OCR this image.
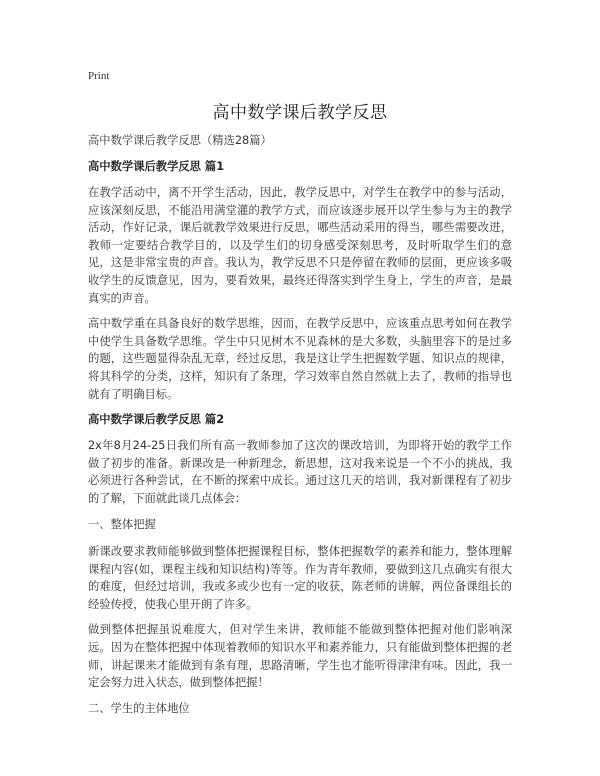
Print
高中数学课后教学反思

高中数学课后教学反思（精选28篇）

高中数学课后教学反思 篇1

在教学活动中，离不开学生活动，因此，教学反思中，对学生在教学中的参与活动，应该深刻反思，不能沿用满堂灌的教学方式，而应该逐步展开以学生参与为主的教学活动，作好记录，课后就教学效果进行反思，哪些活动采用的得当，哪些需要改进，教师一定要结合教学目的，以及学生们的切身感受深刻思考，及时听取学生们的意见，这是非常宝贵的声音。我认为，教学反思不只是停留在教师的层面，更应该多吸收学生的反馈意见，因为，要看效果，最终还得落实到学生身上，学生的声音，是最真实的声音。

高中数学重在具备良好的数学思维，因而，在教学反思中，应该重点思考如何在教学中使学生具备数学思维。学生中只见树木不见森林的是大多数，头脑里容下的是过多的题，这些题显得杂乱无章，经过反思，我是这让学生把握数学题、知识点的规律，将其科学的分类，这样，知识有了条理，学习效率自然自然就上去了，教师的指导也就有了明确目标。

高中数学课后教学反思 篇2

2x年8月24-25日我们所有高一教师参加了这次的课改培训，为即将开始的教学工作做了初步的准备。新课改是一种新理念，新思想，这对我来说是一个不小的挑战，我必须进行各种尝试，在不断的探索中成长。通过这几天的培训，我对新课程有了初步的了解，下面就此谈几点体会：

一、整体把握

新课改要求教师能够做到整体把握课程目标，整体把握数学的素养和能力，整体理解课程内容(如，课程主线和知识结构)等等。作为青年教师，要做到这几点确实有很大的难度，但经过培训，我或多或少也有一定的收获，陈老师的讲解，两位备课组长的经验传授，使我心里开朗了许多。

做到整体把握虽说难度大，但对学生来讲，教师能不能做到整体把握对他们影响深远。因为在整体把握中体现着教师的知识水平和素养能力，只有能做到整体把握的老师，讲起课来才能做到有条有理，思路清晰，学生也才能听得津津有味。因此，我一定会努力进入状态，做到整体把握！

二、学生的主体地位
